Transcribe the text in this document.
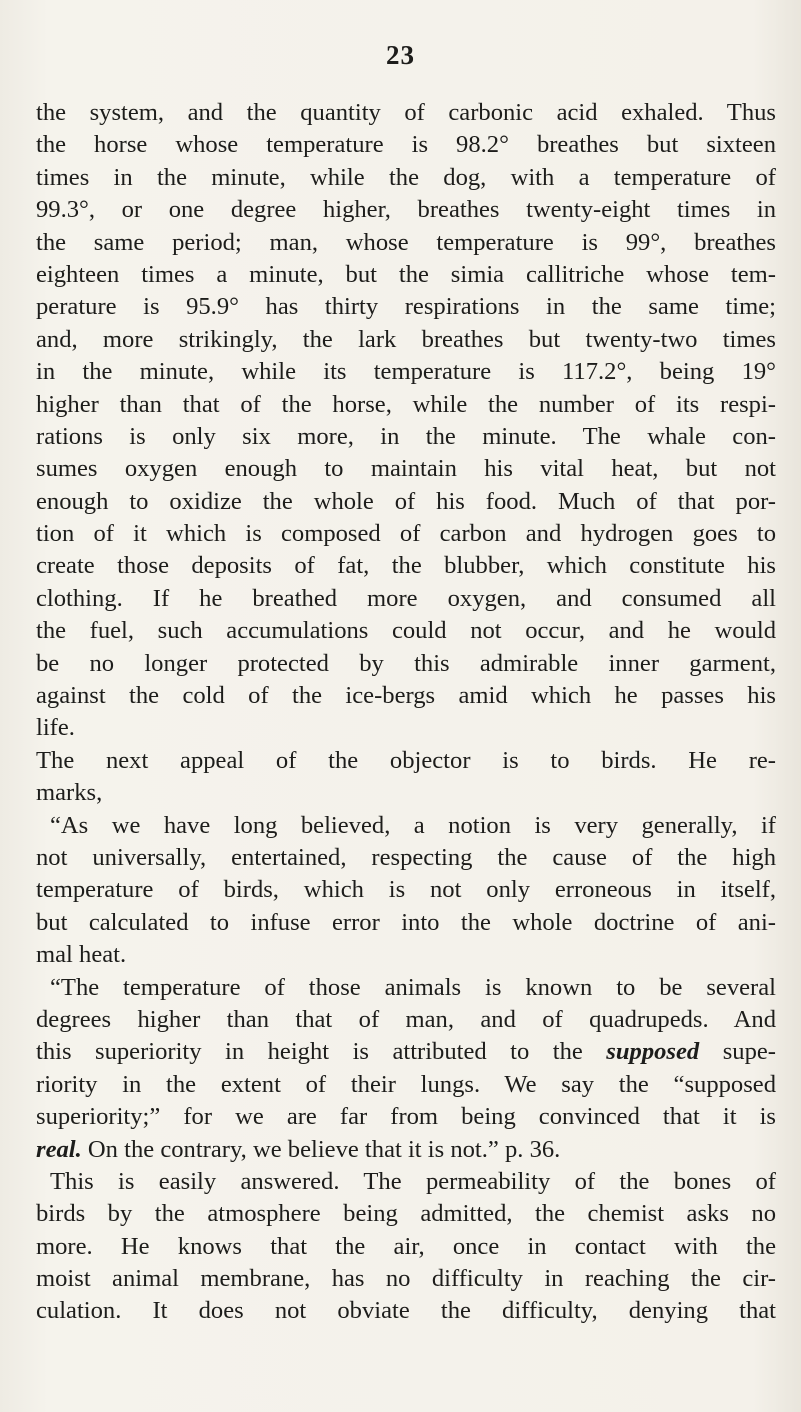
23
the system, and the quantity of carbonic acid exhaled. Thus
the horse whose temperature is 98.2° breathes but sixteen
times in the minute, while the dog, with a temperature of
99.3°, or one degree higher, breathes twenty-eight times in
the same period; man, whose temperature is 99°, breathes
eighteen times a minute, but the simia callitriche whose tem-
perature is 95.9° has thirty respirations in the same time;
and, more strikingly, the lark breathes but twenty-two times
in the minute, while its temperature is 117.2°, being 19°
higher than that of the horse, while the number of its respi-
rations is only six more, in the minute. The whale con-
sumes oxygen enough to maintain his vital heat, but not
enough to oxidize the whole of his food. Much of that por-
tion of it which is composed of carbon and hydrogen goes to
create those deposits of fat, the blubber, which constitute his
clothing. If he breathed more oxygen, and consumed all
the fuel, such accumulations could not occur, and he would
be no longer protected by this admirable inner garment,
against the cold of the ice-bergs amid which he passes his
life.
The next appeal of the objector is to birds. He re-
marks,
“As we have long believed, a notion is very generally, if
not universally, entertained, respecting the cause of the high
temperature of birds, which is not only erroneous in itself,
but calculated to infuse error into the whole doctrine of ani-
mal heat.
“The temperature of those animals is known to be several
degrees higher than that of man, and of quadrupeds. And
this superiority in height is attributed to the supposed supe-
riority in the extent of their lungs. We say the “supposed
superiority;” for we are far from being convinced that it is
real. On the contrary, we believe that it is not.” p. 36.
This is easily answered. The permeability of the bones of
birds by the atmosphere being admitted, the chemist asks no
more. He knows that the air, once in contact with the
moist animal membrane, has no difficulty in reaching the cir-
culation. It does not obviate the difficulty, denying that
